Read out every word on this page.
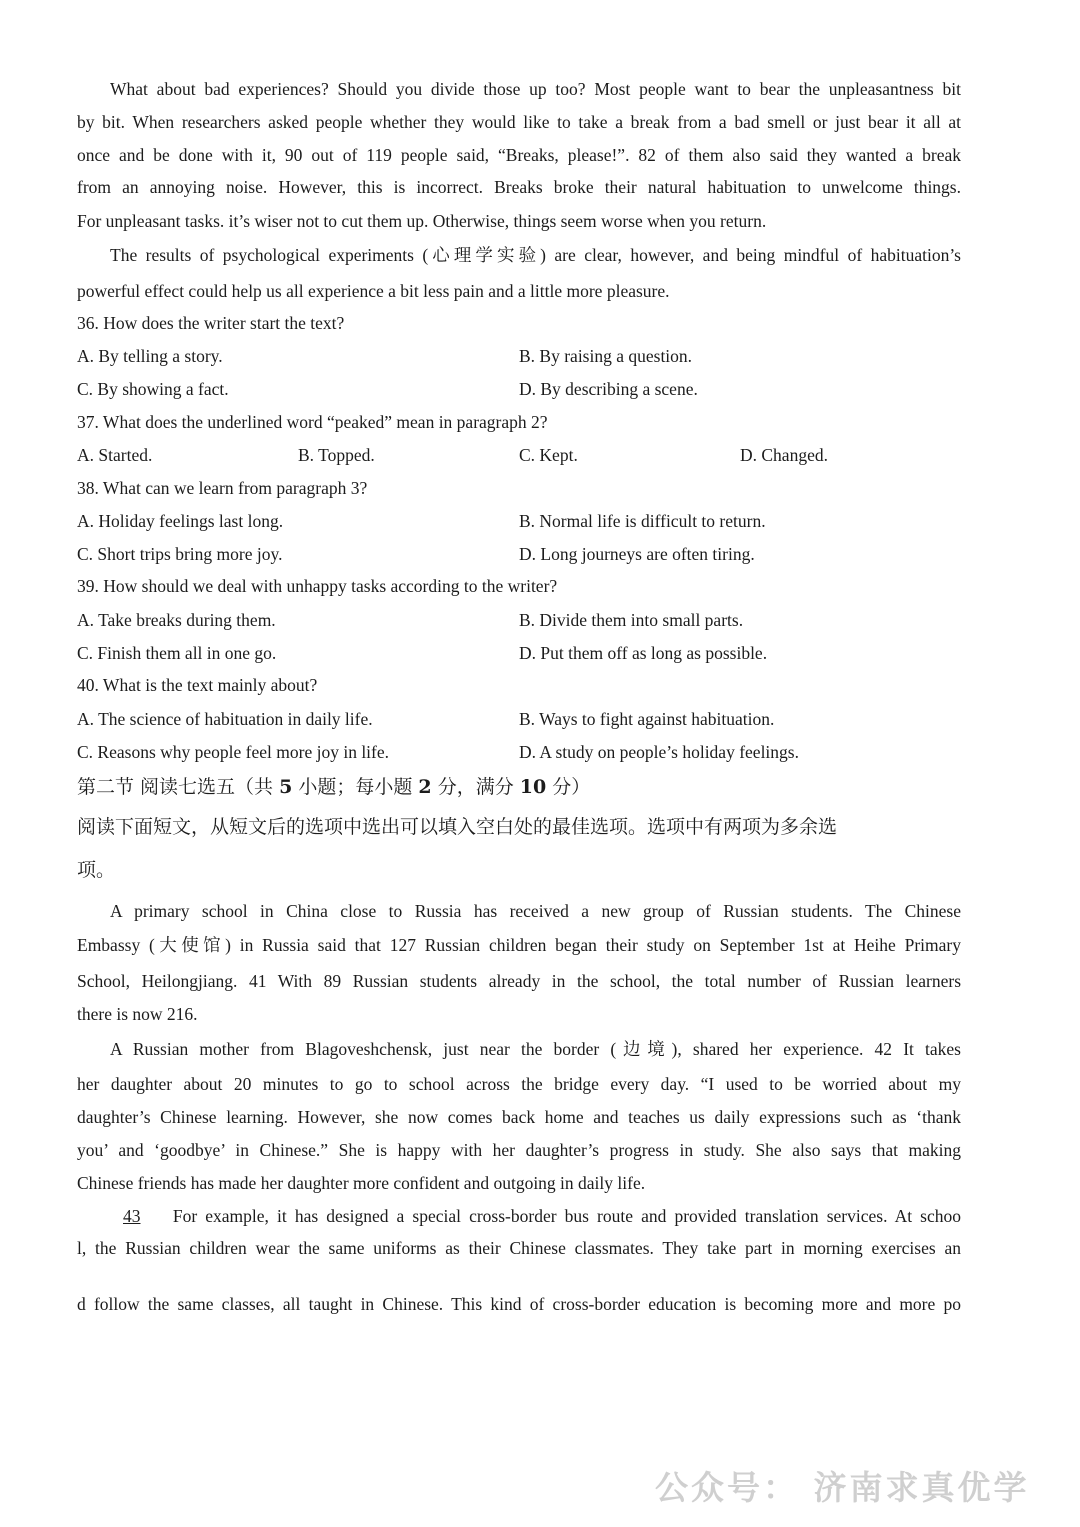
What about bad experiences? Should you divide those up too? Most people want to bear the unpleasantness bit
by bit. When researchers asked people whether they would like to take a break from a bad smell or just bear it all at
once and be done with it, 90 out of 119 people said, “Breaks, please!”. 82 of them also said they wanted a break
from an annoying noise. However, this is incorrect. Breaks broke their natural habituation to unwelcome things.
For unpleasant tasks. it’s wiser not to cut them up. Otherwise, things seem worse when you return.
The results of psychological experiments (心理学实验) are clear, however, and being mindful of habituation’s
powerful effect could help us all experience a bit less pain and a little more pleasure.
36. How does the writer start the text?
A. By telling a story.	B. By raising a question.
C. By showing a fact.	D. By describing a scene.
37. What does the underlined word “peaked” mean in paragraph 2?
A. Started.	B. Topped.	C. Kept.	D. Changed.
38. What can we learn from paragraph 3?
A. Holiday feelings last long.	B. Normal life is difficult to return.
C. Short trips bring more joy.	D. Long journeys are often tiring.
39. How should we deal with unhappy tasks according to the writer?
A. Take breaks during them.	B. Divide them into small parts.
C. Finish them all in one go.	D. Put them off as long as possible.
40. What is the text mainly about?
A. The science of habituation in daily life.	B. Ways to fight against habituation.
C. Reasons why people feel more joy in life.	D. A study on people’s holiday feelings.
第二节 阅读七选五（共 5 小题；每小题 2 分，满分 10 分）
阅读下面短文，从短文后的选项中选出可以填入空白处的最佳选项。选项中有两项为多余选
项。
A primary school in China close to Russia has received a new group of Russian students. The Chinese
Embassy (大使馆) in Russia said that 127 Russian children began their study on September 1st at Heihe Primary
School, Heilongjiang. 41 With 89 Russian students already in the school, the total number of Russian learners
there is now 216.
A Russian mother from Blagoveshchensk, just near the border (边境), shared her experience. 42 It takes
her daughter about 20 minutes to go to school across the bridge every day. “I used to be worried about my
daughter’s Chinese learning. However, she now comes back home and teaches us daily expressions such as ‘thank
you’ and ‘goodbye’ in Chinese.” She is happy with her daughter’s progress in study. She also says that making
Chinese friends has made her daughter more confident and outgoing in daily life.
43 For example, it has designed a special cross-border bus route and provided translation services. At schoo
l, the Russian children wear the same uniforms as their Chinese classmates. They take part in morning exercises an
d follow the same classes, all taught in Chinese. This kind of cross-border education is becoming more and more po
公众号： 济南求真优学
